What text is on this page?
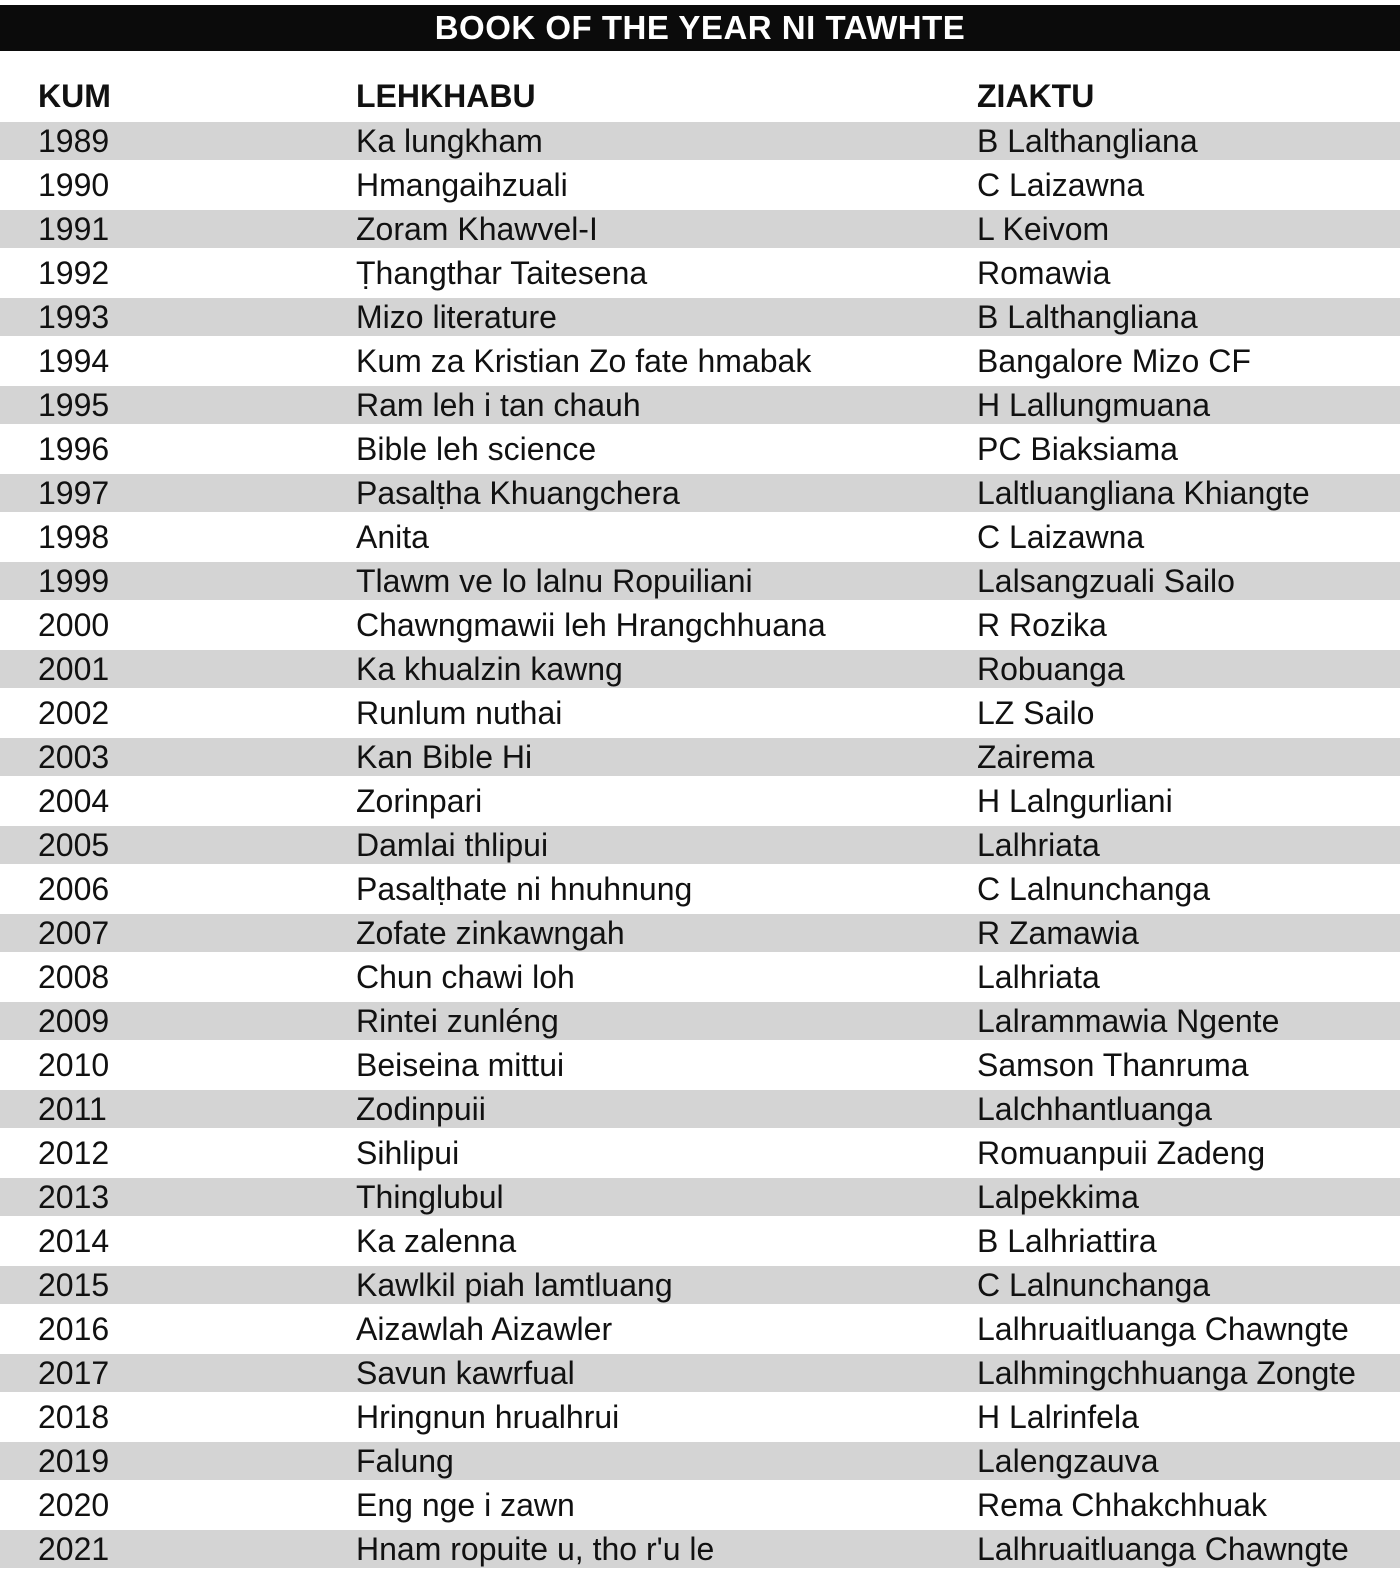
BOOK OF THE YEAR NI TAWHTE
KUM	LEHKHABU	ZIAKTU
1989	Ka lungkham	B Lalthangliana
1990	Hmangaihzuali	C Laizawna
1991	Zoram Khawvel-I	L Keivom
1992	Ṭhangthar Taitesena	Romawia
1993	Mizo literature	B Lalthangliana
1994	Kum za Kristian Zo fate hmabak	Bangalore Mizo CF
1995	Ram leh i tan chauh	H Lallungmuana
1996	Bible leh science	PC Biaksiama
1997	Pasalṭha Khuangchera	Laltluangliana Khiangte
1998	Anita	C Laizawna
1999	Tlawm ve lo lalnu Ropuiliani	Lalsangzuali Sailo
2000	Chawngmawii leh Hrangchhuana	R Rozika
2001	Ka khualzin kawng	Robuanga
2002	Runlum nuthai	LZ Sailo
2003	Kan Bible Hi	Zairema
2004	Zorinpari	H Lalngurliani
2005	Damlai thlipui	Lalhriata
2006	Pasalṭhate ni hnuhnung	C Lalnunchanga
2007	Zofate zinkawngah	R Zamawia
2008	Chun chawi loh	Lalhriata
2009	Rintei zunléng	Lalrammawia Ngente
2010	Beiseina mittui	Samson Thanruma
2011	Zodinpuii	Lalchhantluanga
2012	Sihlipui	Romuanpuii Zadeng
2013	Thinglubul	Lalpekkima
2014	Ka zalenna	B Lalhriattira
2015	Kawlkil piah lamtluang	C Lalnunchanga
2016	Aizawlah Aizawler	Lalhruaitluanga Chawngte
2017	Savun kawrfual	Lalhmingchhuanga Zongte
2018	Hringnun hrualhrui	H Lalrinfela
2019	Falung	Lalengzauva
2020	Eng nge i zawn	Rema Chhakchhuak
2021	Hnam ropuite u, tho r'u le	Lalhruaitluanga Chawngte
